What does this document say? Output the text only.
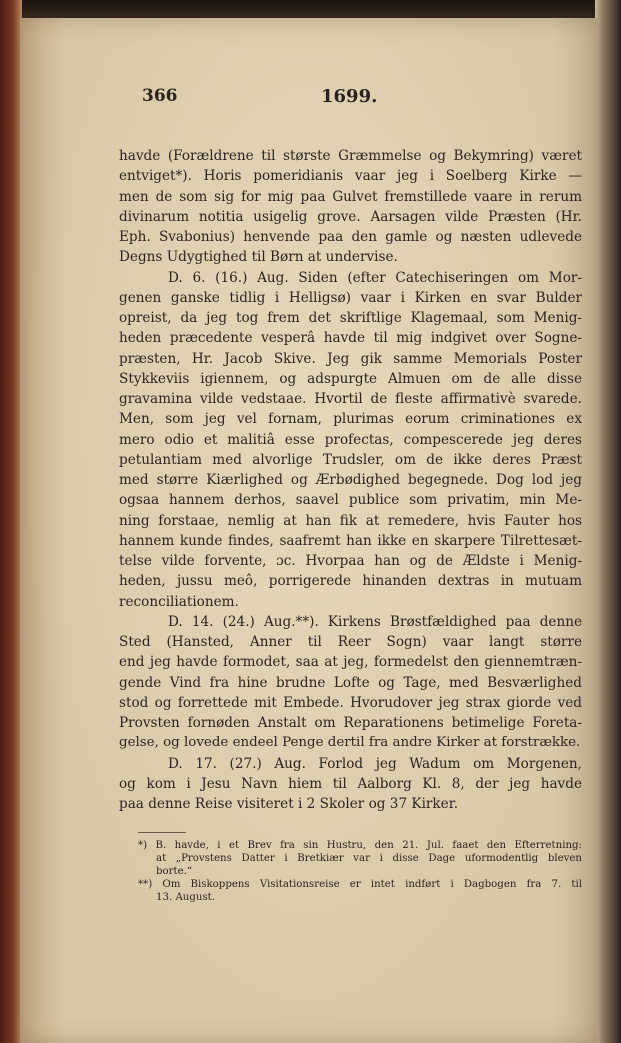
366	1699.
havde (Forældrene til største Græmmelse og Bekymring) været
entviget*). Horis pomeridianis vaar jeg i Soelberg Kirke —
men de som sig for mig paa Gulvet fremstillede vaare in rerum
divinarum notitia usigelig grove. Aarsagen vilde Præsten (Hr.
Eph. Svabonius) henvende paa den gamle og næsten udlevede
Degns Udygtighed til Børn at undervise.
D. 6. (16.) Aug. Siden (efter Catechiseringen om Mor-
genen ganske tidlig i Helligsø) vaar i Kirken en svar Bulder
opreist, da jeg tog frem det skriftlige Klagemaal, som Menig-
heden præcedente vesperâ havde til mig indgivet over Sogne-
præsten, Hr. Jacob Skive. Jeg gik samme Memorials Poster
Stykkeviis igiennem, og adspurgte Almuen om de alle disse
gravamina vilde vedstaae. Hvortil de fleste affirmativè svarede.
Men, som jeg vel fornam, plurimas eorum criminationes ex
mero odio et malitiâ esse profectas, compescerede jeg deres
petulantiam med alvorlige Trudsler, om de ikke deres Præst
med større Kiærlighed og Ærbødighed begegnede. Dog lod jeg
ogsaa hannem derhos, saavel publice som privatim, min Me-
ning forstaae, nemlig at han fik at remedere, hvis Fauter hos
hannem kunde findes, saafremt han ikke en skarpere Tilrettesæt-
telse vilde forvente, ɔc. Hvorpaa han og de Ældste i Menig-
heden, jussu meô, porrigerede hinanden dextras in mutuam
reconciliationem.
D. 14. (24.) Aug.**). Kirkens Brøstfældighed paa denne
Sted (Hansted, Anner til Reer Sogn) vaar langt større
end jeg havde formodet, saa at jeg, formedelst den giennemtræn-
gende Vind fra hine brudne Lofte og Tage, med Besværlighed
stod og forrettede mit Embede. Hvorudover jeg strax giorde ved
Provsten fornøden Anstalt om Reparationens betimelige Foreta-
gelse, og lovede endeel Penge dertil fra andre Kirker at forstrække.
D. 17. (27.) Aug. Forlod jeg Wadum om Morgenen,
og kom i Jesu Navn hiem til Aalborg Kl. 8, der jeg havde
paa denne Reise visiteret i 2 Skoler og 37 Kirker.
*) B. havde, i et Brev fra sin Hustru, den 21. Jul. faaet den Efterretning:
at „Provstens Datter i Bretkiær var i disse Dage uformodentlig bleven
borte.“
**) Om Biskoppens Visitationsreise er intet indført i Dagbogen fra 7. til
13. August.
